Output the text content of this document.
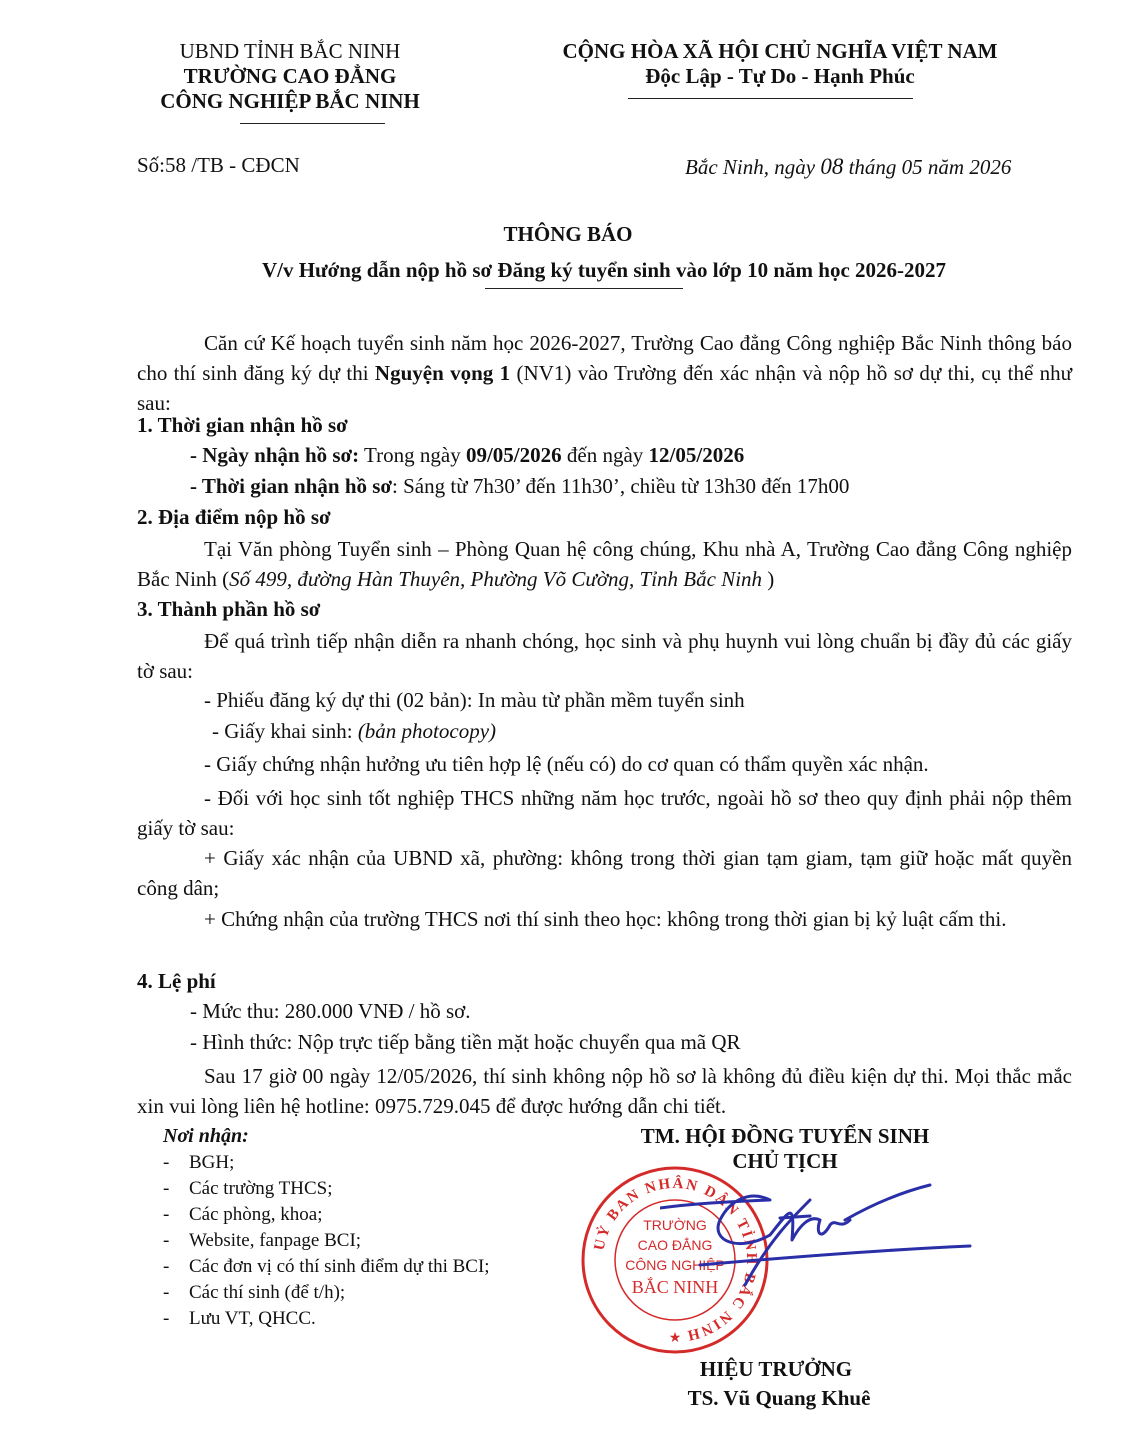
UBND TỈNH BẮC NINH
TRƯỜNG CAO ĐẲNG
CÔNG NGHIỆP BẮC NINH
CỘNG HÒA XÃ HỘI CHỦ NGHĨA VIỆT NAM
Độc Lập - Tự Do - Hạnh Phúc
Số:58 /TB - CĐCN	Bắc Ninh, ngày 08 tháng 05 năm 2026
THÔNG BÁO
V/v Hướng dẫn nộp hồ sơ Đăng ký tuyển sinh vào lớp 10 năm học 2026-2027

Căn cứ Kế hoạch tuyển sinh năm học 2026-2027, Trường Cao đẳng Công nghiệp Bắc Ninh thông báo cho thí sinh đăng ký dự thi Nguyện vọng 1 (NV1) vào Trường đến xác nhận và nộp hồ sơ dự thi, cụ thể như sau:

1. Thời gian nhận hồ sơ
- Ngày nhận hồ sơ: Trong ngày 09/05/2026 đến ngày 12/05/2026
- Thời gian nhận hồ sơ: Sáng từ 7h30’ đến 11h30’, chiều từ 13h30 đến 17h00
2. Địa điểm nộp hồ sơ

Tại Văn phòng Tuyển sinh – Phòng Quan hệ công chúng, Khu nhà A, Trường Cao đẳng Công nghiệp Bắc Ninh (Số 499, đường Hàn Thuyên, Phường Võ Cường, Tỉnh Bắc Ninh )

3. Thành phần hồ sơ

Để quá trình tiếp nhận diễn ra nhanh chóng, học sinh và phụ huynh vui lòng chuẩn bị đầy đủ các giấy tờ sau:

- Phiếu đăng ký dự thi (02 bản): In màu từ phần mềm tuyển sinh
- Giấy khai sinh: (bản photocopy)
- Giấy chứng nhận hưởng ưu tiên hợp lệ (nếu có) do cơ quan có thẩm quyền xác nhận.

- Đối với học sinh tốt nghiệp THCS những năm học trước, ngoài hồ sơ theo quy định phải nộp thêm giấy tờ sau:

+ Giấy xác nhận của UBND xã, phường: không trong thời gian tạm giam, tạm giữ hoặc mất quyền công dân;

+ Chứng nhận của trường THCS nơi thí sinh theo học: không trong thời gian bị kỷ luật cấm thi.

4. Lệ phí
- Mức thu: 280.000 VNĐ / hồ sơ.
- Hình thức: Nộp trực tiếp bằng tiền mặt hoặc chuyển qua mã QR

Sau 17 giờ 00 ngày 12/05/2026, thí sinh không nộp hồ sơ là không đủ điều kiện dự thi. Mọi thắc mắc xin vui lòng liên hệ hotline: 0975.729.045 để được hướng dẫn chi tiết.

Nơi nhận:
- BGH;
- Các trường THCS;
- Các phòng, khoa;
- Website, fanpage BCI;
- Các đơn vị có thí sinh điểm dự thi BCI;
- Các thí sinh (để t/h);
- Lưu VT, QHCC.
TM. HỘI ĐỒNG TUYỂN SINH
CHỦ TỊCH
UỶ BAN NHÂN DÂN TỈNH BẮC NINH
TRƯỜNG
CAO ĐẲNG
CÔNG NGHIỆP
BẮC NINH
★
HIỆU TRƯỞNG
TS. Vũ Quang Khuê
